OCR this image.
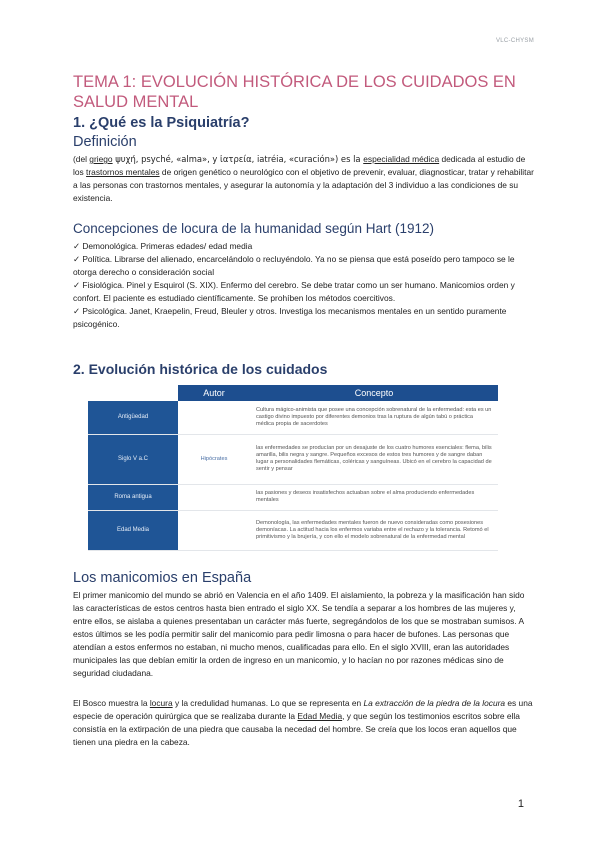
VLC-CHYSM
TEMA 1: EVOLUCIÓN HISTÓRICA DE LOS CUIDADOS EN SALUD MENTAL
1. ¿Qué es la Psiquiatría?
Definición
(del griego ψυχή, psyché, «alma», y ἰατρεία, iatréia, «curación») es la especialidad médica dedicada al estudio de los trastornos mentales de origen genético o neurológico con el objetivo de prevenir, evaluar, diagnosticar, tratar y rehabilitar a las personas con trastornos mentales, y asegurar la autonomía y la adaptación del 3 individuo a las condiciones de su existencia.
Concepciones de locura de la humanidad según Hart (1912)
✓ Demonológica. Primeras edades/ edad media
✓ Política. Librarse del alienado, encarcelándolo o recluyéndolo. Ya no se piensa que está poseído pero tampoco se le otorga derecho o consideración social
✓ Fisiológica. Pinel y Esquirol (S. XIX). Enfermo del cerebro. Se debe tratar como un ser humano. Manicomios orden y confort. El paciente es estudiado científicamente. Se prohíben los métodos coercitivos.
✓ Psicológica. Janet, Kraepelin, Freud, Bleuler y otros. Investiga los mecanismos mentales en un sentido puramente psicogénico.
2. Evolución histórica de los cuidados
	Autor	Concepto
Antigüedad		Cultura mágico-animista que posee una concepción sobrenatural de la enfermedad: esta es un castigo divino impuesto por diferentes demonios tras la ruptura de algún tabú o práctica médica propia de sacerdotes
Siglo V a.C	Hipócrates	las enfermedades se producían por un desajuste de los cuatro humores esenciales: flema, bilis amarilla, bilis negra y sangre. Pequeños excesos de estos tres humores y de sangre daban lugar a personalidades flemáticas, coléricas y sanguíneas. Ubicó en el cerebro la capacidad de sentir y pensar
Roma antigua		las pasiones y deseos insatisfechos actuaban sobre el alma produciendo enfermedades mentales
Edad Media		Demonología, las enfermedades mentales fueron de nuevo consideradas como posesiones demoníacas. La actitud hacia los enfermos variaba entre el rechazo y la tolerancia. Retomó el primitivismo y la brujería, y con ello el modelo sobrenatural de la enfermedad mental
Los manicomios en España
El primer manicomio del mundo se abrió en Valencia en el año 1409. El aislamiento, la pobreza y la masificación han sido las características de estos centros hasta bien entrado el siglo XX. Se tendía a separar a los hombres de las mujeres y, entre ellos, se aislaba a quienes presentaban un carácter más fuerte, segregándolos de los que se mostraban sumisos. A estos últimos se les podía permitir salir del manicomio para pedir limosna o para hacer de bufones. Las personas que atendían a estos enfermos no estaban, ni mucho menos, cualificadas para ello. En el siglo XVIII, eran las autoridades municipales las que debían emitir la orden de ingreso en un manicomio, y lo hacían no por razones médicas sino de seguridad ciudadana.
El Bosco muestra la locura y la credulidad humanas. Lo que se representa en La extracción de la piedra de la locura es una especie de operación quirúrgica que se realizaba durante la Edad Media, y que según los testimonios escritos sobre ella consistía en la extirpación de una piedra que causaba la necedad del hombre. Se creía que los locos eran aquellos que tienen una piedra en la cabeza.
1
